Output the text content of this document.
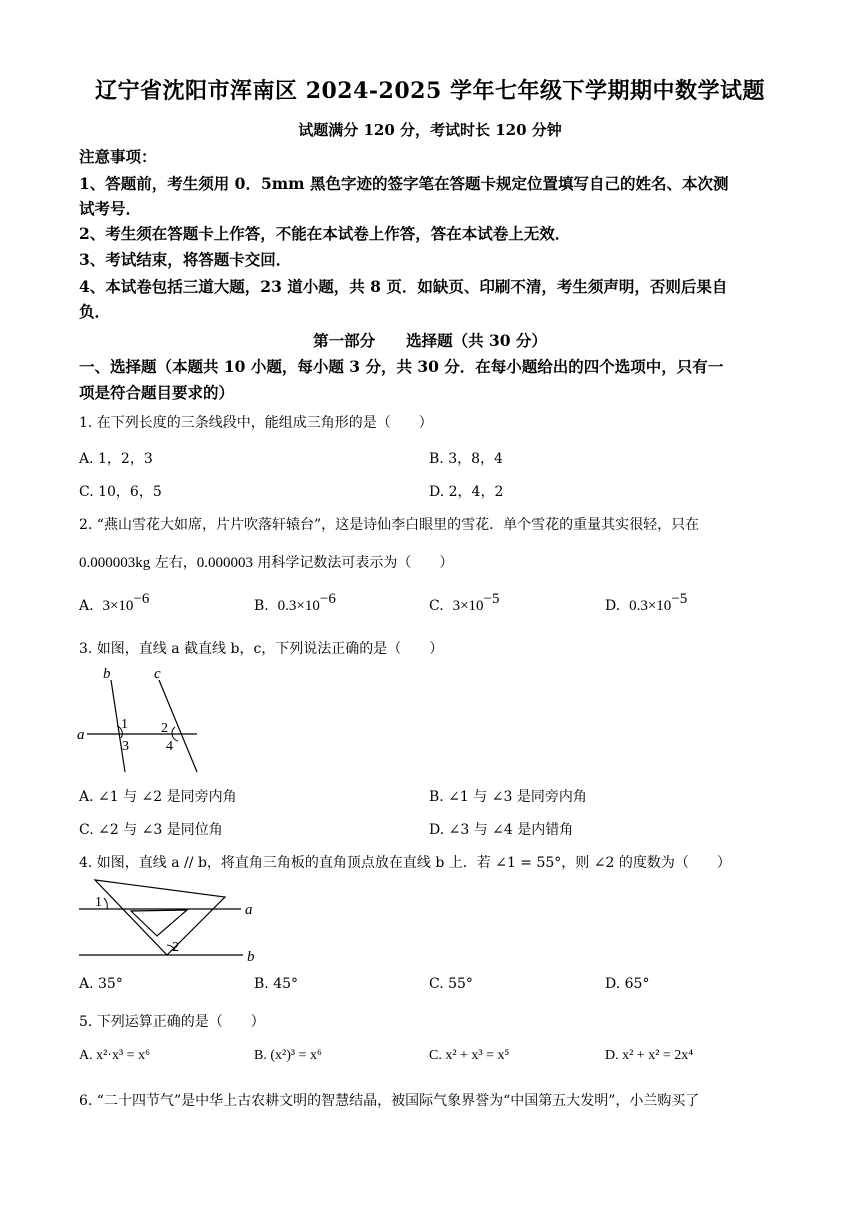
辽宁省沈阳市浑南区 2024-2025 学年七年级下学期期中数学试题
试题满分 120 分，考试时长 120 分钟
注意事项：
1、答题前，考生须用 0．5mm 黑色字迹的签字笔在答题卡规定位置填写自己的姓名、本次测
试考号．
2、考生须在答题卡上作答，不能在本试卷上作答，答在本试卷上无效．
3、考试结束，将答题卡交回．
4、本试卷包括三道大题，23 道小题，共 8 页．如缺页、印刷不清，考生须声明，否则后果自
负．
第一部分　　选择题（共 30 分）
一、选择题（本题共 10 小题，每小题 3 分，共 30 分．在每小题给出的四个选项中，只有一
项是符合题目要求的）
1. 在下列长度的三条线段中，能组成三角形的是（　　）
A. 1，2，3	B. 3，8，4
C. 10，6，5	D. 2，4，2
2. “燕山雪花大如席，片片吹落轩辕台”，这是诗仙李白眼里的雪花．单个雪花的重量其实很轻，只在
0.000003kg 左右，0.000003 用科学记数法可表示为（　　）
A. $3\times 10^{-6}$	B. $0.3\times 10^{-6}$	C. $3\times 10^{-5}$	D. $0.3\times 10^{-5}$
3. 如图，直线 a 截直线 b，c，下列说法正确的是（　　）
b	c
a
1 2
3	4
A. ∠1 与 ∠2 是同旁内角	B. ∠1 与 ∠3 是同旁内角
C. ∠2 与 ∠3 是同位角	D. ∠3 与 ∠4 是内错角
4. 如图，直线 a // b，将直角三角板的直角顶点放在直线 b 上．若 ∠1 = 55°，则 ∠2 的度数为（　　）
1
2
a
b
A. 35°	B. 45°	C. 55°	D. 65°
5. 下列运算正确的是（　　）
A. x²·x³ = x⁶	B. (x²)³ = x⁶	C. x² + x³ = x⁵	D. x² + x² = 2x⁴
6. “二十四节气”是中华上古农耕文明的智慧结晶，被国际气象界誉为“中国第五大发明”，小兰购买了
